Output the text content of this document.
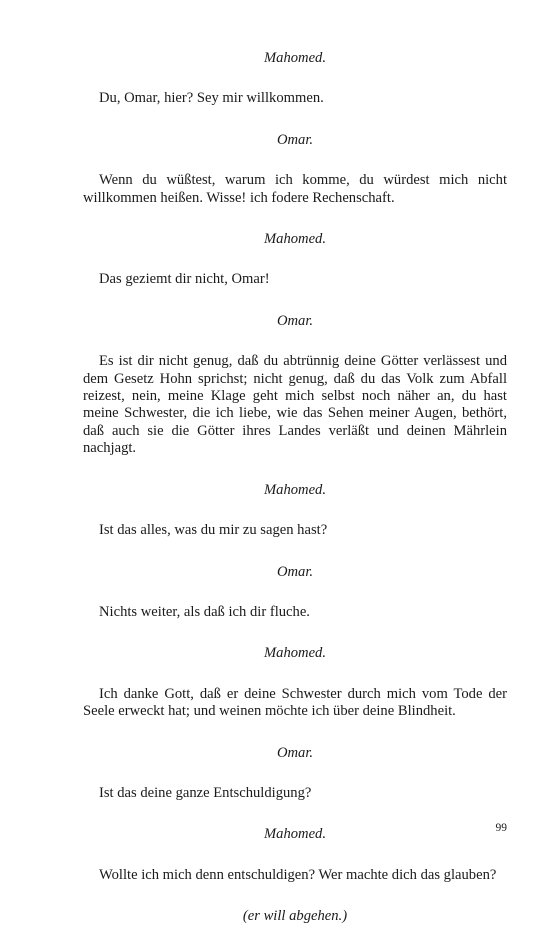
Mahomed.

Du, Omar, hier? Sey mir willkommen.

Omar.

Wenn du wüßtest, warum ich komme, du würdest mich nicht willkommen heißen. Wisse! ich fodere Rechenschaft.

Mahomed.

Das geziemt dir nicht, Omar!

Omar.

Es ist dir nicht genug, daß du abtrünnig deine Götter verlässest und dem Gesetz Hohn sprichst; nicht genug, daß du das Volk zum Abfall reizest, nein, meine Klage geht mich selbst noch näher an, du hast meine Schwester, die ich liebe, wie das Sehen meiner Augen, bethört, daß auch sie die Götter ihres Landes verläßt und deinen Mährlein nachjagt.

Mahomed.

Ist das alles, was du mir zu sagen hast?

Omar.

Nichts weiter, als daß ich dir fluche.

Mahomed.

Ich danke Gott, daß er deine Schwester durch mich vom Tode der Seele erweckt hat; und weinen möchte ich über deine Blindheit.

Omar.

Ist das deine ganze Entschuldigung?

Mahomed.

Wollte ich mich denn entschuldigen? Wer machte dich das glauben?

(er will abgehen.)

99
